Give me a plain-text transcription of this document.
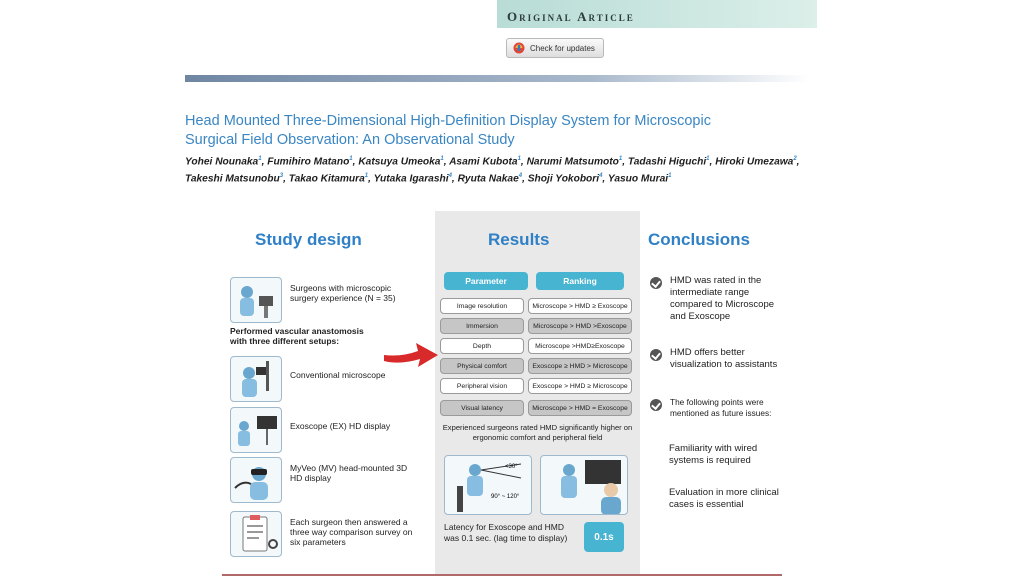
Original Article
Check for updates
Head Mounted Three-Dimensional High-Definition Display System for Microscopic
Surgical Field Observation: An Observational Study
Yohei Nounaka$^1$, Fumihiro Matano$^1$, Katsuya Umeoka$^1$, Asami Kubota$^1$, Narumi Matsumoto$^1$, Tadashi Higuchi$^1$, Hiroki Umezawa$^2$, Takeshi Matsunobu$^3$, Takao Kitamura$^1$, Yutaka Igarashi$^4$, Ryuta Nakae$^4$, Shoji Yokobori$^4$, Yasuo Murai$^1$
Study design
Surgeons with microscopic surgery experience (N = 35)
Performed vascular anastomosis with three different setups:
Conventional microscope
Exoscope (EX) HD display
MyVeo (MV) head-mounted 3D HD display
Each surgeon then answered a three way comparison survey on six parameters
Results
Parameter	Ranking
Image resolution	Microscope > HMD ≥ Exoscope
Immersion	Microscope > HMD >Exoscope
Depth	Microscope >HMD≥Exoscope
Physical comfort	Exoscope ≥ HMD > Microscope
Peripheral vision	Exoscope > HMD ≥ Microscope
Visual latency	Microscope > HMD = Exoscope
Experienced surgeons rated HMD significantly higher on ergonomic comfort and peripheral field
<30°
90° ~ 120°
Latency for Exoscope and HMD was 0.1 sec. (lag time to display)	0.1s
Conclusions
HMD was rated in the intermediate range compared to Microscope and Exoscope
HMD offers better visualization to assistants
The following points were mentioned as future issues:
Familiarity with wired systems is required
Evaluation in more clinical cases is essential
